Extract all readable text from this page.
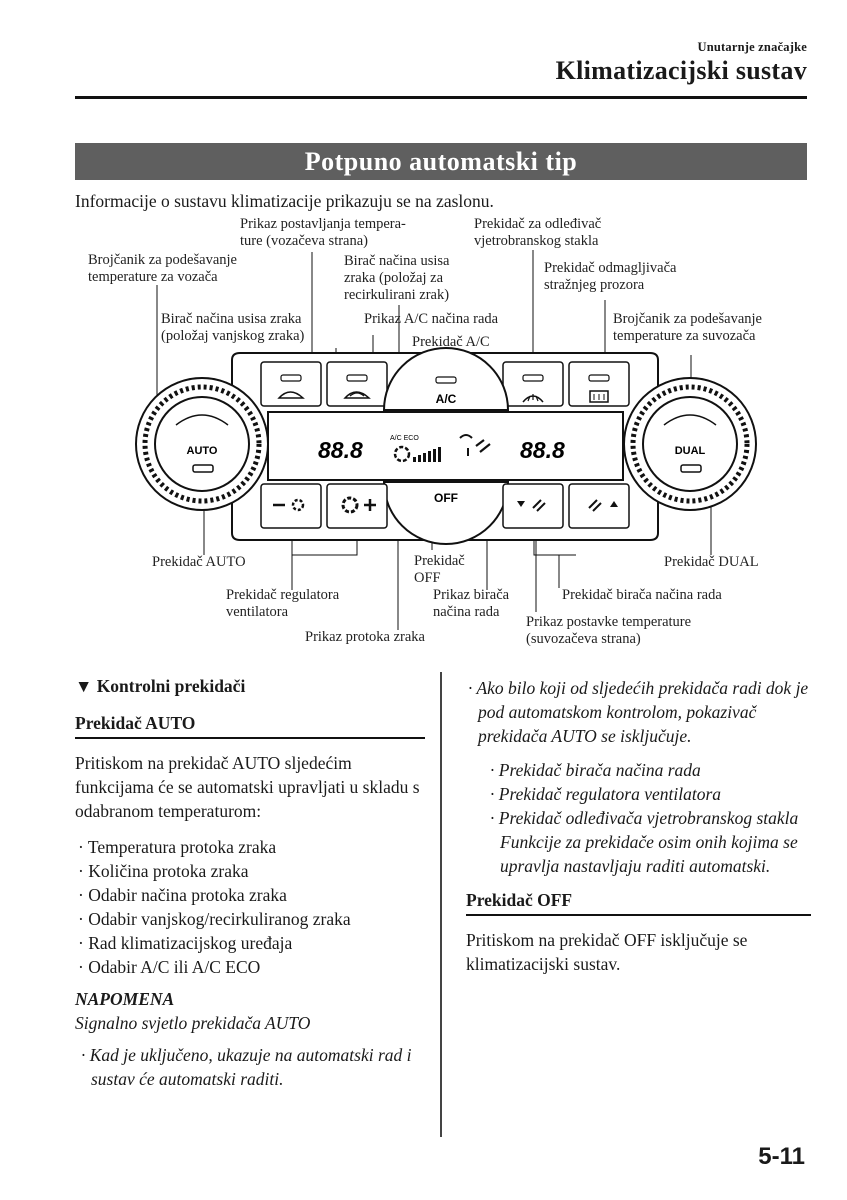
Unutarnje značajke
Klimatizacijski sustav
Potpuno automatski tip
Informacije o sustavu klimatizacije prikazuju se na zaslonu.
AUTO	DUAL
A/C
OFF
88.8	88.8
A/C ECO
Brojčanik za podešavanje
temperature za vozača
Prikaz postavljanja tempera-
ture (vozačeva strana)
Birač načina usisa
zraka (položaj za
recirkulirani zrak)
Prekidač za odleđivač
vjetrobranskog stakla
Prekidač odmagljivača
stražnjeg prozora
Birač načina usisa zraka
(položaj vanjskog zraka)
Prikaz A/C načina rada
Prekidač A/C
Brojčanik za podešavanje
temperature za suvozača
Prekidač AUTO	Prekidač
OFF
Prekidač DUAL
Prekidač regulatora
ventilatora
Prikaz birača
načina rada
Prekidač birača načina rada
Prikaz protoka zraka
Prikaz postavke temperature
(suvozačeva strana)
▼ Kontrolni prekidači
Prekidač AUTO
Pritiskom na prekidač AUTO sljedećim funkcijama će se automatski upravljati u skladu s odabranom temperaturom:
· Temperatura protoka zraka
· Količina protoka zraka
· Odabir načina protoka zraka
· Odabir vanjskog/recirkuliranog zraka
· Rad klimatizacijskog uređaja
· Odabir A/C ili A/C ECO
NAPOMENA
Signalno svjetlo prekidača AUTO
· Kad je uključeno, ukazuje na automatski rad i sustav će automatski raditi.
· Ako bilo koji od sljedećih prekidača radi dok je pod automatskom kontrolom, pokazivač prekidača AUTO se isključuje.
· Prekidač birača načina rada
· Prekidač regulatora ventilatora
· Prekidač odleđivača vjetrobranskog stakla
Funkcije za prekidače osim onih kojima se upravlja nastavljaju raditi automatski.
Prekidač OFF
Pritiskom na prekidač OFF isključuje se klimatizacijski sustav.
5-11
